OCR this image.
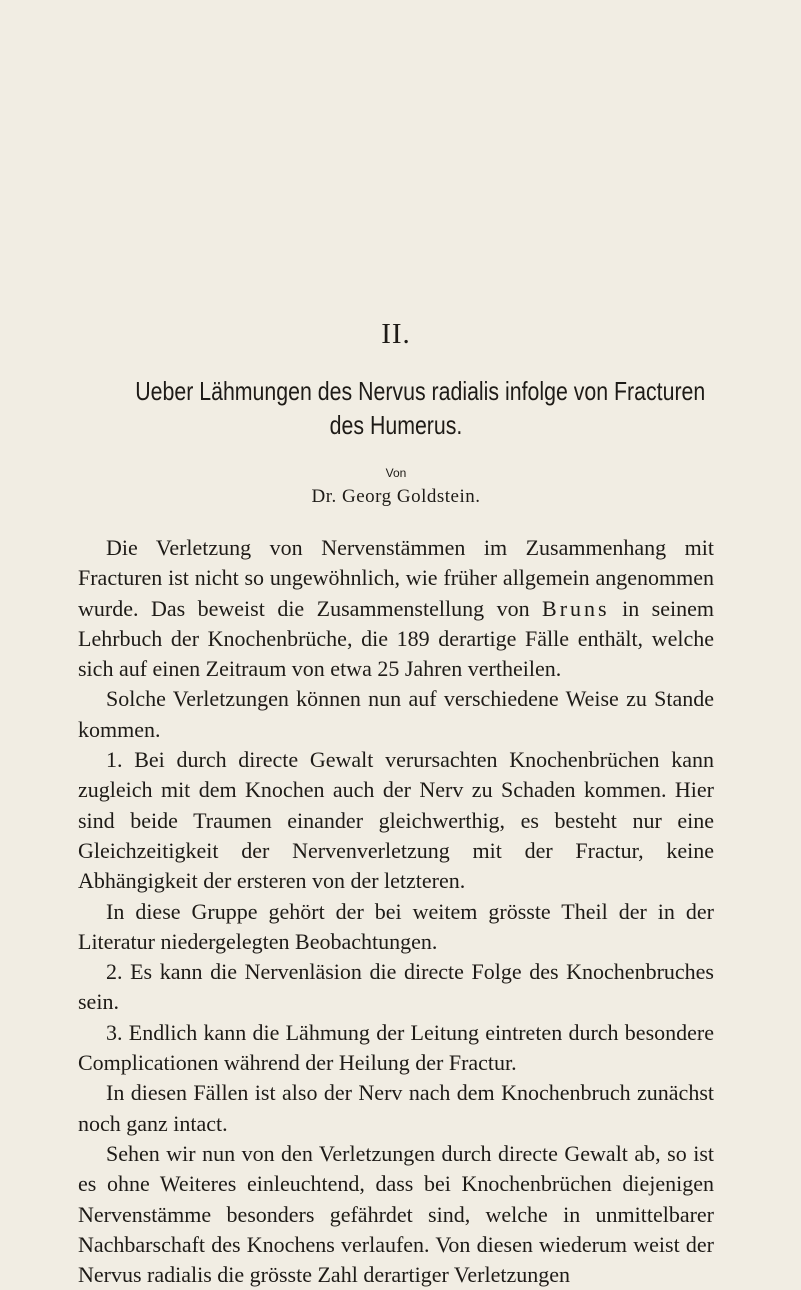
II.
Ueber Lähmungen des Nervus radialis infolge von Fracturen
des Humerus.
Von
Dr. Georg Goldstein.

Die Verletzung von Nervenstämmen im Zusammenhang mit Fracturen ist nicht so ungewöhnlich, wie früher allgemein angenommen wurde. Das beweist die Zusammenstellung von Bruns in seinem Lehrbuch der Knochenbrüche, die 189 derartige Fälle enthält, welche sich auf einen Zeitraum von etwa 25 Jahren vertheilen.

Solche Verletzungen können nun auf verschiedene Weise zu Stande kommen.

1. Bei durch directe Gewalt verursachten Knochenbrüchen kann zugleich mit dem Knochen auch der Nerv zu Schaden kommen. Hier sind beide Traumen einander gleichwerthig, es besteht nur eine Gleichzeitigkeit der Nervenverletzung mit der Fractur, keine Abhängigkeit der ersteren von der letzteren.

In diese Gruppe gehört der bei weitem grösste Theil der in der Literatur niedergelegten Beobachtungen.

2. Es kann die Nervenläsion die directe Folge des Knochenbruches sein.

3. Endlich kann die Lähmung der Leitung eintreten durch besondere Complicationen während der Heilung der Fractur.

In diesen Fällen ist also der Nerv nach dem Knochenbruch zunächst noch ganz intact.

Sehen wir nun von den Verletzungen durch directe Gewalt ab, so ist es ohne Weiteres einleuchtend, dass bei Knochenbrüchen diejenigen Nervenstämme besonders gefährdet sind, welche in unmittelbarer Nachbarschaft des Knochens verlaufen. Von diesen wiederum weist der Nervus radialis die grösste Zahl derartiger Verletzungen
